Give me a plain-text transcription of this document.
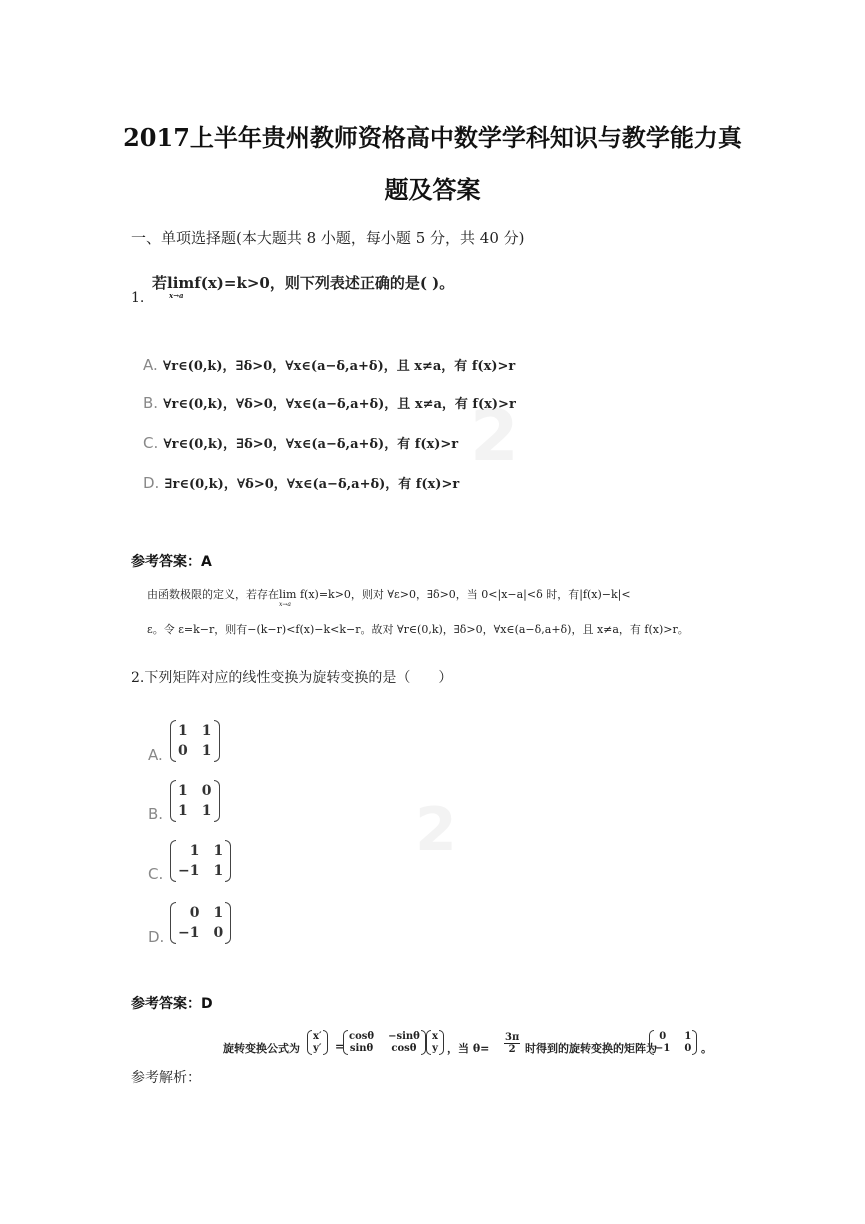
2
2
2017上半年贵州教师资格高中数学学科知识与教学能力真
题及答案
一、单项选择题(本大题共 8 小题，每小题 5 分，共 40 分)
若lim
x→a
f(x)=k>0，则下列表述正确的是( )。
1.
A. ∀r∈(0,k)，∃δ>0，∀x∈(a−δ,a+δ)，且 x≠a，有 f(x)>r
B. ∀r∈(0,k)，∀δ>0，∀x∈(a−δ,a+δ)，且 x≠a，有 f(x)>r
C. ∀r∈(0,k)，∃δ>0，∀x∈(a−δ,a+δ)，有 f(x)>r
D. ∃r∈(0,k)，∀δ>0，∀x∈(a−δ,a+δ)，有 f(x)>r
参考答案：A
由函数极限的定义，若存在lim
x→a
f(x)=k>0，则对 ∀ε>0，∃δ>0，当 0<|x−a|<δ 时，有|f(x)−k|<
ε。令 ε=k−r，则有−(k−r)<f(x)−k<k−r。故对 ∀r∈(0,k)，∃δ>0，∀x∈(a−δ,a+δ)，且 x≠a，有 f(x)>r。
2.下列矩阵对应的线性变换为旋转变换的是（　　）
A.
1 1
0 1
B.
1 0
1 1
C.
1 1
−1 1
D.
0 1
−1 0
参考答案：D
旋转变换公式为
x′
y′ =
cosθ −sinθ
sinθ	cosθ
x
y ，当 $\theta= \frac{3\pi}{2}$ 时得到的旋转变换的矩阵为
0	1
−1 0 。
参考解析：
